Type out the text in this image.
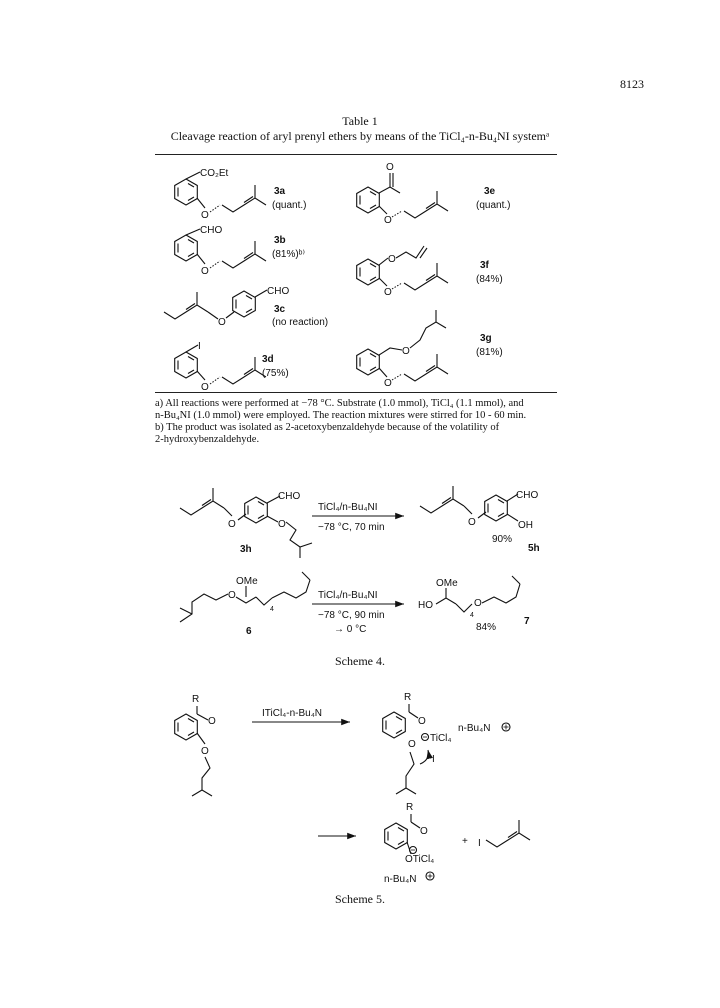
8123
Table 1
Cleavage reaction of aryl prenyl ethers by means of the TiCl₄-n-Bu₄NI systemᵃ
a) All reactions were performed at −78 °C. Substrate (1.0 mmol), TiCl₄ (1.1 mmol), and
n-Bu₄NI (1.0 mmol) were employed. The reaction mixtures were stirred for 10 - 60 min.
b) The product was isolated as 2-acetoxybenzaldehyde because of the volatility of
2-hydroxybenzaldehyde.
Scheme 4.
Scheme 5.
CO₂Et
O
3a
(quant.)
CHO
O
3b
(81%)ᵇ⁾
O
CHO
3c
(no reaction)
I
O
3d
(75%)
O
O
3e
(quant.)
O
O
3f
(84%)
O
O
3g
(81%)
O
CHO
O
3h
TiCl₄/n-Bu₄NI
−78 °C, 70 min	O
CHO
OH
90%
5h
O
OMe
4
6
TiCl₄/n-Bu₄NI
−78 °C, 90 min
→ 0 °C
HO
OMe
4
O
84%
7
R
O
O
ITiCl₄-n-Bu₄N
R
O
O
TiCl₄
n-Bu₄N
I
R
O
OTiCl₄
n-Bu₄N
+ I
